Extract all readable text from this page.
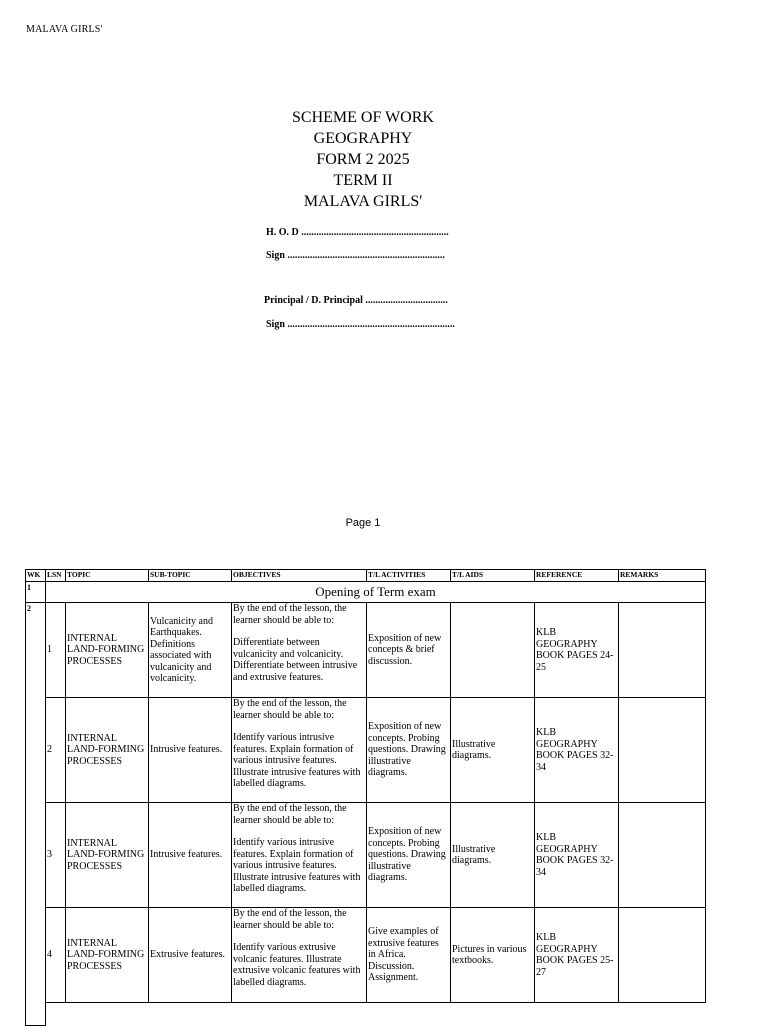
MALAVA GIRLS'
SCHEME OF WORK
GEOGRAPHY
FORM 2 2025
TERM II
MALAVA GIRLS'
H. O. D ...........................................................
Sign ...............................................................
Principal / D. Principal .................................
Sign ...................................................................
Page 1
WK	LSN	TOPIC	SUB-TOPIC	OBJECTIVES	T/L ACTIVITIES	T/L AIDS	REFERENCE	REMARKS
1	Opening of Term exam							
2	1	INTERNAL LAND-FORMING PROCESSES	Vulcanicity and Earthquakes. Definitions associated with vulcanicity and volcanicity.	By the end of the lesson, the learner should be able to:
Differentiate between vulcanicity and volcanicity. Differentiate between intrusive and extrusive features.	Exposition of new concepts & brief discussion.		KLB GEOGRAPHY BOOK PAGES 24-25	
	2	INTERNAL LAND-FORMING PROCESSES	Intrusive features.	By the end of the lesson, the learner should be able to:
Identify various intrusive features. Explain formation of various intrusive features. Illustrate intrusive features with labelled diagrams.	Exposition of new concepts. Probing questions. Drawing illustrative diagrams.	Illustrative diagrams.	KLB GEOGRAPHY BOOK PAGES 32-34	
	3	INTERNAL LAND-FORMING PROCESSES	Intrusive features.	By the end of the lesson, the learner should be able to:
Identify various intrusive features. Explain formation of various intrusive features. Illustrate intrusive features with labelled diagrams.	Exposition of new concepts. Probing questions. Drawing illustrative diagrams.	Illustrative diagrams.	KLB GEOGRAPHY BOOK PAGES 32-34	
	4	INTERNAL LAND-FORMING PROCESSES	Extrusive features.	By the end of the lesson, the learner should be able to:
Identify various extrusive volcanic features. Illustrate extrusive volcanic features with labelled diagrams.	Give examples of extrusive features in Africa. Discussion. Assignment.	Pictures in various textbooks.	KLB GEOGRAPHY BOOK PAGES 25-27	
